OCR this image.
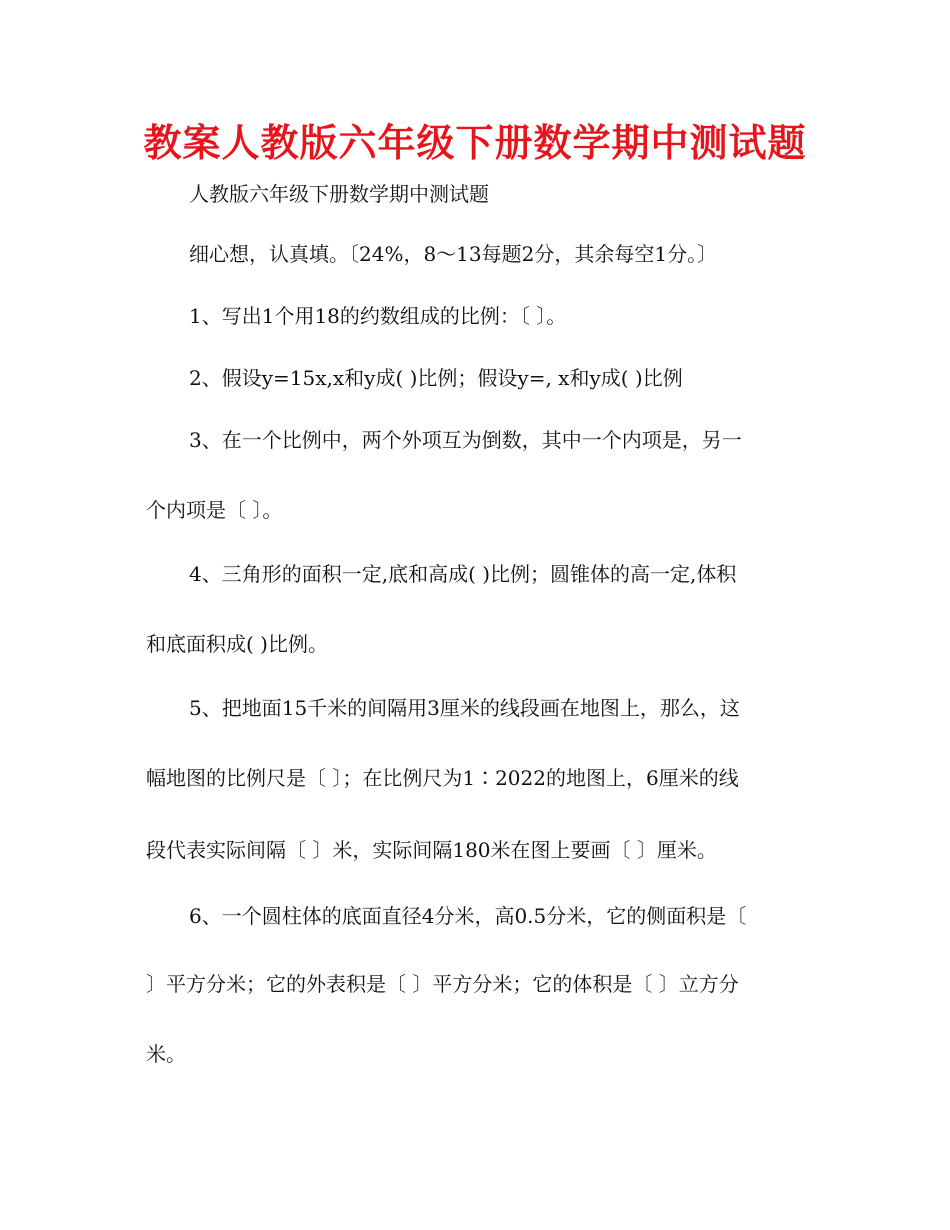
教案人教版六年级下册数学期中测试题
人教版六年级下册数学期中测试题
细心想，认真填。〔24%，8～13每题2分，其余每空1分。〕
1、写出1个用18的约数组成的比例：〔 〕。
2、假设y=15x,x和y成( )比例；假设y=, x和y成( )比例
3、在一个比例中，两个外项互为倒数，其中一个内项是，另一
个内项是〔 〕。
4、三角形的面积一定,底和高成( )比例；圆锥体的高一定,体积
和底面积成( )比例。
5、把地面15千米的间隔用3厘米的线段画在地图上，那么，这
幅地图的比例尺是〔 〕；在比例尺为1∶2022的地图上，6厘米的线
段代表实际间隔〔 〕米，实际间隔180米在图上要画〔 〕厘米。
6、一个圆柱体的底面直径4分米，高0.5分米，它的侧面积是〔
〕平方分米；它的外表积是〔 〕平方分米；它的体积是〔 〕立方分
米。
